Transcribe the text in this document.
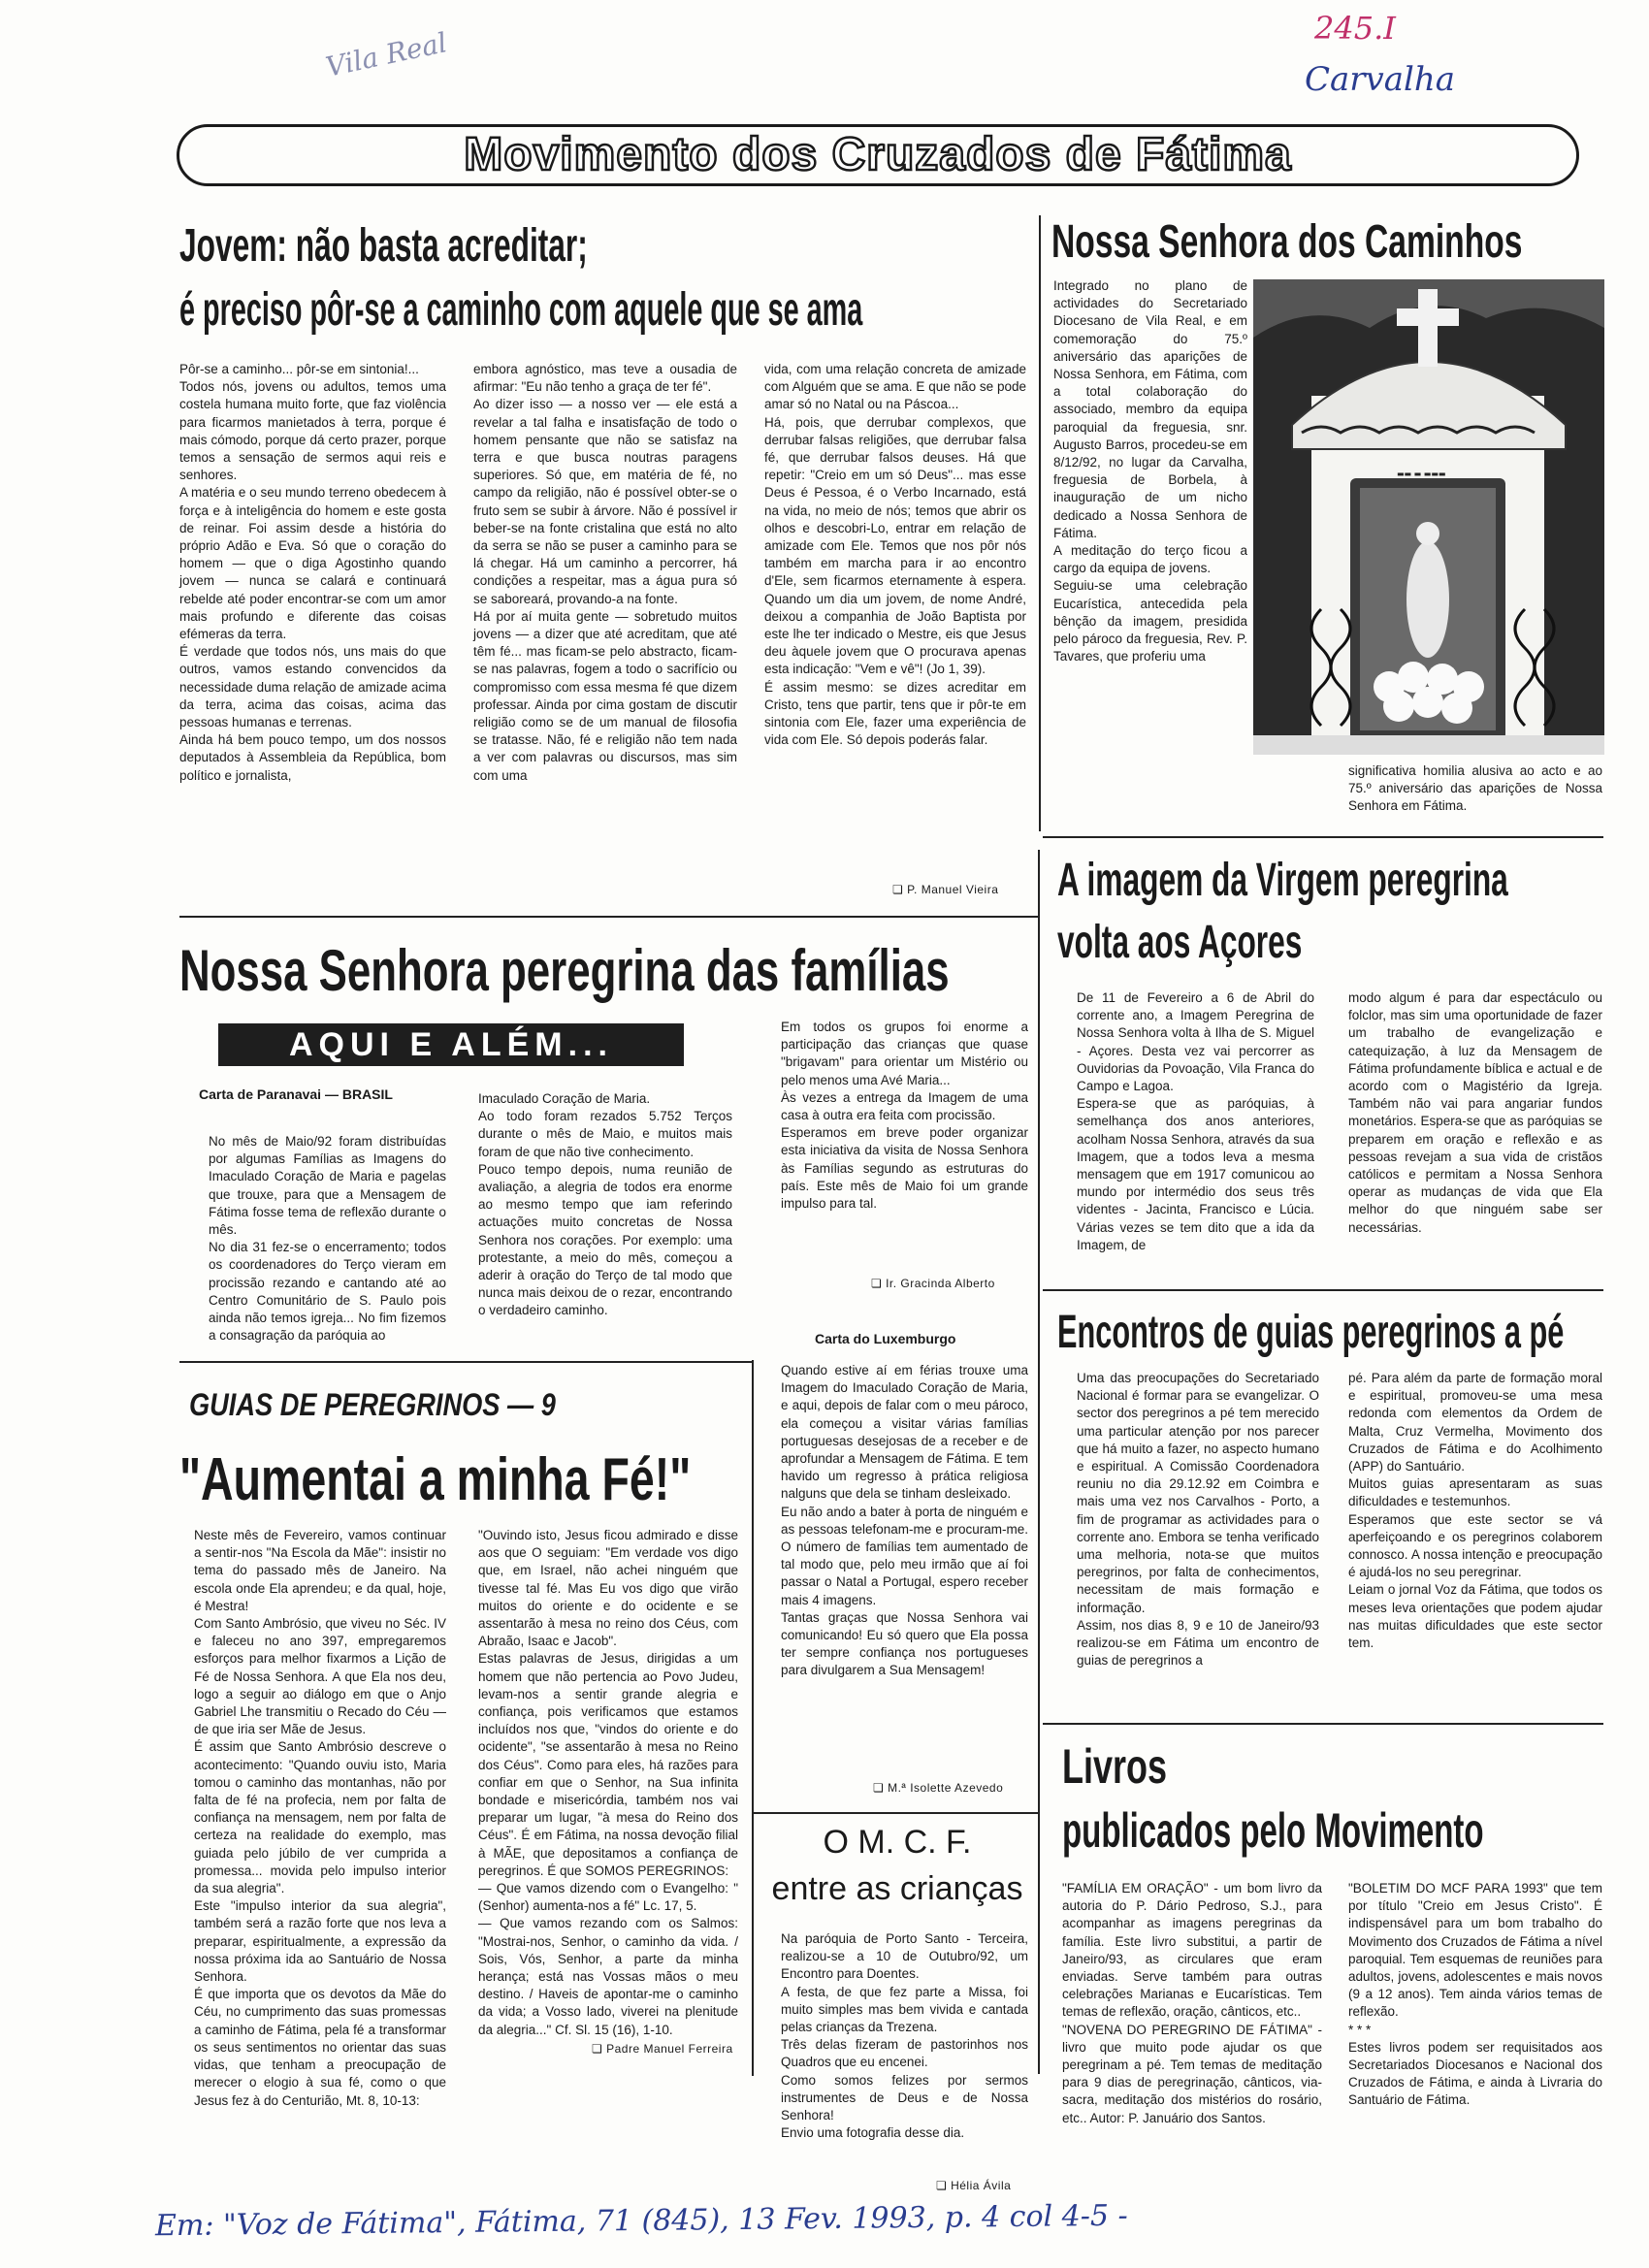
Vila Real	245.I
Carvalha
Movimento dos Cruzados de Fátima
Jovem: não basta acreditar;
é preciso pôr-se a caminho com aquele que se ama
Pôr-se a caminho... pôr-se em sintonia!...
Todos nós, jovens ou adultos, temos uma costela humana muito forte, que faz violência para ficarmos manietados à terra, porque é mais cómodo, porque dá certo prazer, porque temos a sensação de sermos aqui reis e senhores.
A matéria e o seu mundo terreno obedecem à força e à inteligência do homem e este gosta de reinar. Foi assim desde a história do próprio Adão e Eva. Só que o coração do homem — que o diga Agostinho quando jovem — nunca se calará e continuará rebelde até poder encontrar-se com um amor mais profundo e diferente das coisas efémeras da terra.
É verdade que todos nós, uns mais do que outros, vamos estando convencidos da necessidade duma relação de amizade acima da terra, acima das coisas, acima das pessoas humanas e terrenas.
Ainda há bem pouco tempo, um dos nossos deputados à Assembleia da República, bom político e jornalista,
embora agnóstico, mas teve a ousadia de afirmar: "Eu não tenho a graça de ter fé".
Ao dizer isso — a nosso ver — ele está a revelar a tal falha e insatisfação de todo o homem pensante que não se satisfaz na terra e que busca noutras paragens superiores. Só que, em matéria de fé, no campo da religião, não é possível obter-se o fruto sem se subir à árvore. Não é possível ir beber-se na fonte cristalina que está no alto da serra se não se puser a caminho para se lá chegar. Há um caminho a percorrer, há condições a respeitar, mas a água pura só se saboreará, provando-a na fonte.
Há por aí muita gente — sobretudo muitos jovens — a dizer que até acreditam, que até têm fé... mas ficam-se pelo abstracto, ficam-se nas palavras, fogem a todo o sacrifício ou compromisso com essa mesma fé que dizem professar. Ainda por cima gostam de discutir religião como se de um manual de filosofia se tratasse. Não, fé e religião não tem nada a ver com palavras ou discursos, mas sim com uma
vida, com uma relação concreta de amizade com Alguém que se ama. E que não se pode amar só no Natal ou na Páscoa...
Há, pois, que derrubar complexos, que derrubar falsas religiões, que derrubar falsa fé, que derrubar falsos deuses. Há que repetir: "Creio em um só Deus"... mas esse Deus é Pessoa, é o Verbo Incarnado, está na vida, no meio de nós; temos que abrir os olhos e descobri-Lo, entrar em relação de amizade com Ele. Temos que nos pôr nós também em marcha para ir ao encontro d'Ele, sem ficarmos eternamente à espera. Quando um dia um jovem, de nome André, deixou a companhia de João Baptista por este lhe ter indicado o Mestre, eis que Jesus deu àquele jovem que O procurava apenas esta indicação: "Vem e vê"! (Jo 1, 39).
É assim mesmo: se dizes acreditar em Cristo, tens que partir, tens que ir pôr-te em sintonia com Ele, fazer uma experiência de vida com Ele. Só depois poderás falar.
❏ P. Manuel Vieira
Nossa Senhora dos Caminhos
Integrado no plano de actividades do Secretariado Diocesano de Vila Real, e em comemoração do 75.º aniversário das aparições de Nossa Senhora, em Fátima, com a total colaboração do associado, membro da equipa paroquial da freguesia, snr. Augusto Barros, procedeu-se em 8/12/92, no lugar da Carvalha, freguesia de Borbela, à inauguração de um nicho dedicado a Nossa Senhora de Fátima.
A meditação do terço ficou a cargo da equipa de jovens.
Seguiu-se uma celebração Eucarística, antecedida pela bênção da imagem, presidida pelo pároco da freguesia, Rev. P. Tavares, que proferiu uma
▬▬ ▬ ▬▬▬
significativa homilia alusiva ao acto e ao 75.º aniversário das aparições de Nossa Senhora em Fátima.
Nossa Senhora peregrina das famílias
AQUI E ALÉM...
Carta de Paranavai — BRASIL
No mês de Maio/92 foram distribuídas por algumas Famílias as Imagens do Imaculado Coração de Maria e pagelas que trouxe, para que a Mensagem de Fátima fosse tema de reflexão durante o mês.
No dia 31 fez-se o encerramento; todos os coordenadores do Terço vieram em procissão rezando e cantando até ao Centro Comunitário de S. Paulo pois ainda não temos igreja... No fim fizemos a consagração da paróquia ao
Imaculado Coração de Maria.
Ao todo foram rezados 5.752 Terços durante o mês de Maio, e muitos mais foram de que não tive conhecimento.
Pouco tempo depois, numa reunião de avaliação, a alegria de todos era enorme ao mesmo tempo que iam referindo actuações muito concretas de Nossa Senhora nos corações. Por exemplo: uma protestante, a meio do mês, começou a aderir à oração do Terço de tal modo que nunca mais deixou de o rezar, encontrando o verdadeiro caminho.
Em todos os grupos foi enorme a participação das crianças que quase "brigavam" para orientar um Mistério ou pelo menos uma Avé Maria...
Às vezes a entrega da Imagem de uma casa à outra era feita com procissão.
Esperamos em breve poder organizar esta iniciativa da visita de Nossa Senhora às Famílias segundo as estruturas do país. Este mês de Maio foi um grande impulso para tal.
❏ Ir. Gracinda Alberto
Carta do Luxemburgo
Quando estive aí em férias trouxe uma Imagem do Imaculado Coração de Maria, e aqui, depois de falar com o meu pároco, ela começou a visitar várias famílias portuguesas desejosas de a receber e de aprofundar a Mensagem de Fátima. E tem havido um regresso à prática religiosa nalguns que dela se tinham desleixado.
Eu não ando a bater à porta de ninguém e as pessoas telefonam-me e procuram-me. O número de famílias tem aumentado de tal modo que, pelo meu irmão que aí foi passar o Natal a Portugal, espero receber mais 4 imagens.
Tantas graças que Nossa Senhora vai comunicando! Eu só quero que Ela possa ter sempre confiança nos portugueses para divulgarem a Sua Mensagem!
❏ M.ª Isolette Azevedo
GUIAS DE PEREGRINOS — 9
"Aumentai a minha Fé!"
Neste mês de Fevereiro, vamos continuar a sentir-nos "Na Escola da Mãe": insistir no tema do passado mês de Janeiro. Na escola onde Ela aprendeu; e da qual, hoje, é Mestra!
Com Santo Ambrósio, que viveu no Séc. IV e faleceu no ano 397, empregaremos esforços para melhor fixarmos a Lição de Fé de Nossa Senhora. A que Ela nos deu, logo a seguir ao diálogo em que o Anjo Gabriel Lhe transmitiu o Recado do Céu — de que iria ser Mãe de Jesus.
É assim que Santo Ambrósio descreve o acontecimento: "Quando ouviu isto, Maria tomou o caminho das montanhas, não por falta de fé na profecia, nem por falta de confiança na mensagem, nem por falta de certeza na realidade do exemplo, mas guiada pelo júbilo de ver cumprida a promessa... movida pelo impulso interior da sua alegria".
Este "impulso interior da sua alegria", também será a razão forte que nos leva a preparar, espiritualmente, a expressão da nossa próxima ida ao Santuário de Nossa Senhora.
É que importa que os devotos da Mãe do Céu, no cumprimento das suas promessas a caminho de Fátima, pela fé a transformar os seus sentimentos no orientar das suas vidas, que tenham a preocupação de merecer o elogio à sua fé, como o que Jesus fez à do Centurião, Mt. 8, 10-13:
"Ouvindo isto, Jesus ficou admirado e disse aos que O seguiam: "Em verdade vos digo que, em Israel, não achei ninguém que tivesse tal fé. Mas Eu vos digo que virão muitos do oriente e do ocidente e se assentarão à mesa no reino dos Céus, com Abraão, Isaac e Jacob".
Estas palavras de Jesus, dirigidas a um homem que não pertencia ao Povo Judeu, levam-nos a sentir grande alegria e confiança, pois verificamos que estamos incluídos nos que, "vindos do oriente e do ocidente", "se assentarão à mesa no Reino dos Céus". Como para eles, há razões para confiar em que o Senhor, na Sua infinita bondade e misericórdia, também nos vai preparar um lugar, "à mesa do Reino dos Céus". É em Fátima, na nossa devoção filial à MÃE, que depositamos a confiança de peregrinos. É que SOMOS PEREGRINOS:
— Que vamos dizendo com o Evangelho: "(Senhor) aumenta-nos a fé" Lc. 17, 5.
— Que vamos rezando com os Salmos: "Mostrai-nos, Senhor, o caminho da vida. / Sois, Vós, Senhor, a parte da minha herança; está nas Vossas mãos o meu destino. / Haveis de apontar-me o caminho da vida; a Vosso lado, viverei na plenitude da alegria..." Cf. Sl. 15 (16), 1-10.
❏ Padre Manuel Ferreira
O M. C. F.
entre as crianças
Na paróquia de Porto Santo - Terceira, realizou-se a 10 de Outubro/92, um Encontro para Doentes.
A festa, de que fez parte a Missa, foi muito simples mas bem vivida e cantada pelas crianças da Trezena.
Três delas fizeram de pastorinhos nos Quadros que eu encenei.
Como somos felizes por sermos instrumentes de Deus e de Nossa Senhora!
Envio uma fotografia desse dia.
❏ Hélia Ávila
A imagem da Virgem peregrina
volta aos Açores
De 11 de Fevereiro a 6 de Abril do corrente ano, a Imagem Peregrina de Nossa Senhora volta à Ilha de S. Miguel - Açores. Desta vez vai percorrer as Ouvidorias da Povoação, Vila Franca do Campo e Lagoa.
Espera-se que as paróquias, à semelhança dos anos anteriores, acolham Nossa Senhora, através da sua Imagem, que a todos leva a mesma mensagem que em 1917 comunicou ao mundo por intermédio dos seus três videntes - Jacinta, Francisco e Lúcia. Várias vezes se tem dito que a ida da Imagem, de
modo algum é para dar espectáculo ou folclor, mas sim uma oportunidade de fazer um trabalho de evangelização e catequização, à luz da Mensagem de Fátima profundamente bíblica e actual e de acordo com o Magistério da Igreja. Também não vai para angariar fundos monetários. Espera-se que as paróquias se preparem em oração e reflexão e as pessoas revejam a sua vida de cristãos católicos e permitam a Nossa Senhora operar as mudanças de vida que Ela melhor do que ninguém sabe ser necessárias.
Encontros de guias peregrinos a pé
Uma das preocupações do Secretariado Nacional é formar para se evangelizar. O sector dos peregrinos a pé tem merecido uma particular atenção por nos parecer que há muito a fazer, no aspecto humano e espiritual. A Comissão Coordenadora reuniu no dia 29.12.92 em Coimbra e mais uma vez nos Carvalhos - Porto, a fim de programar as actividades para o corrente ano. Embora se tenha verificado uma melhoria, nota-se que muitos peregrinos, por falta de conhecimentos, necessitam de mais formação e informação.
Assim, nos dias 8, 9 e 10 de Janeiro/93 realizou-se em Fátima um encontro de guias de peregrinos a
pé. Para além da parte de formação moral e espiritual, promoveu-se uma mesa redonda com elementos da Ordem de Malta, Cruz Vermelha, Movimento dos Cruzados de Fátima e do Acolhimento (APP) do Santuário.
Muitos guias apresentaram as suas dificuldades e testemunhos.
Esperamos que este sector se vá aperfeiçoando e os peregrinos colaborem connosco. A nossa intenção e preocupação é ajudá-los no seu peregrinar.
Leiam o jornal Voz da Fátima, que todos os meses leva orientações que podem ajudar nas muitas dificuldades que este sector tem.
Livros
publicados pelo Movimento
"FAMÍLIA EM ORAÇÃO" - um bom livro da autoria do P. Dário Pedroso, S.J., para acompanhar as imagens peregrinas da família. Este livro substitui, a partir de Janeiro/93, as circulares que eram enviadas. Serve também para outras celebrações Marianas e Eucarísticas. Tem temas de reflexão, oração, cânticos, etc..
"NOVENA DO PEREGRINO DE FÁTIMA" - livro que muito pode ajudar os que peregrinam a pé. Tem temas de meditação para 9 dias de peregrinação, cânticos, via-sacra, meditação dos mistérios do rosário, etc.. Autor: P. Januário dos Santos.
"BOLETIM DO MCF PARA 1993" que tem por título "Creio em Jesus Cristo". É indispensável para um bom trabalho do Movimento dos Cruzados de Fátima a nível paroquial. Tem esquemas de reuniões para adultos, jovens, adolescentes e mais novos (9 a 12 anos). Tem ainda vários temas de reflexão.
* * *
Estes livros podem ser requisitados aos Secretariados Diocesanos e Nacional dos Cruzados de Fátima, e ainda à Livraria do Santuário de Fátima.
Em: "Voz de Fátima", Fátima, 71 (845), 13 Fev. 1993, p. 4 col 4-5 -
